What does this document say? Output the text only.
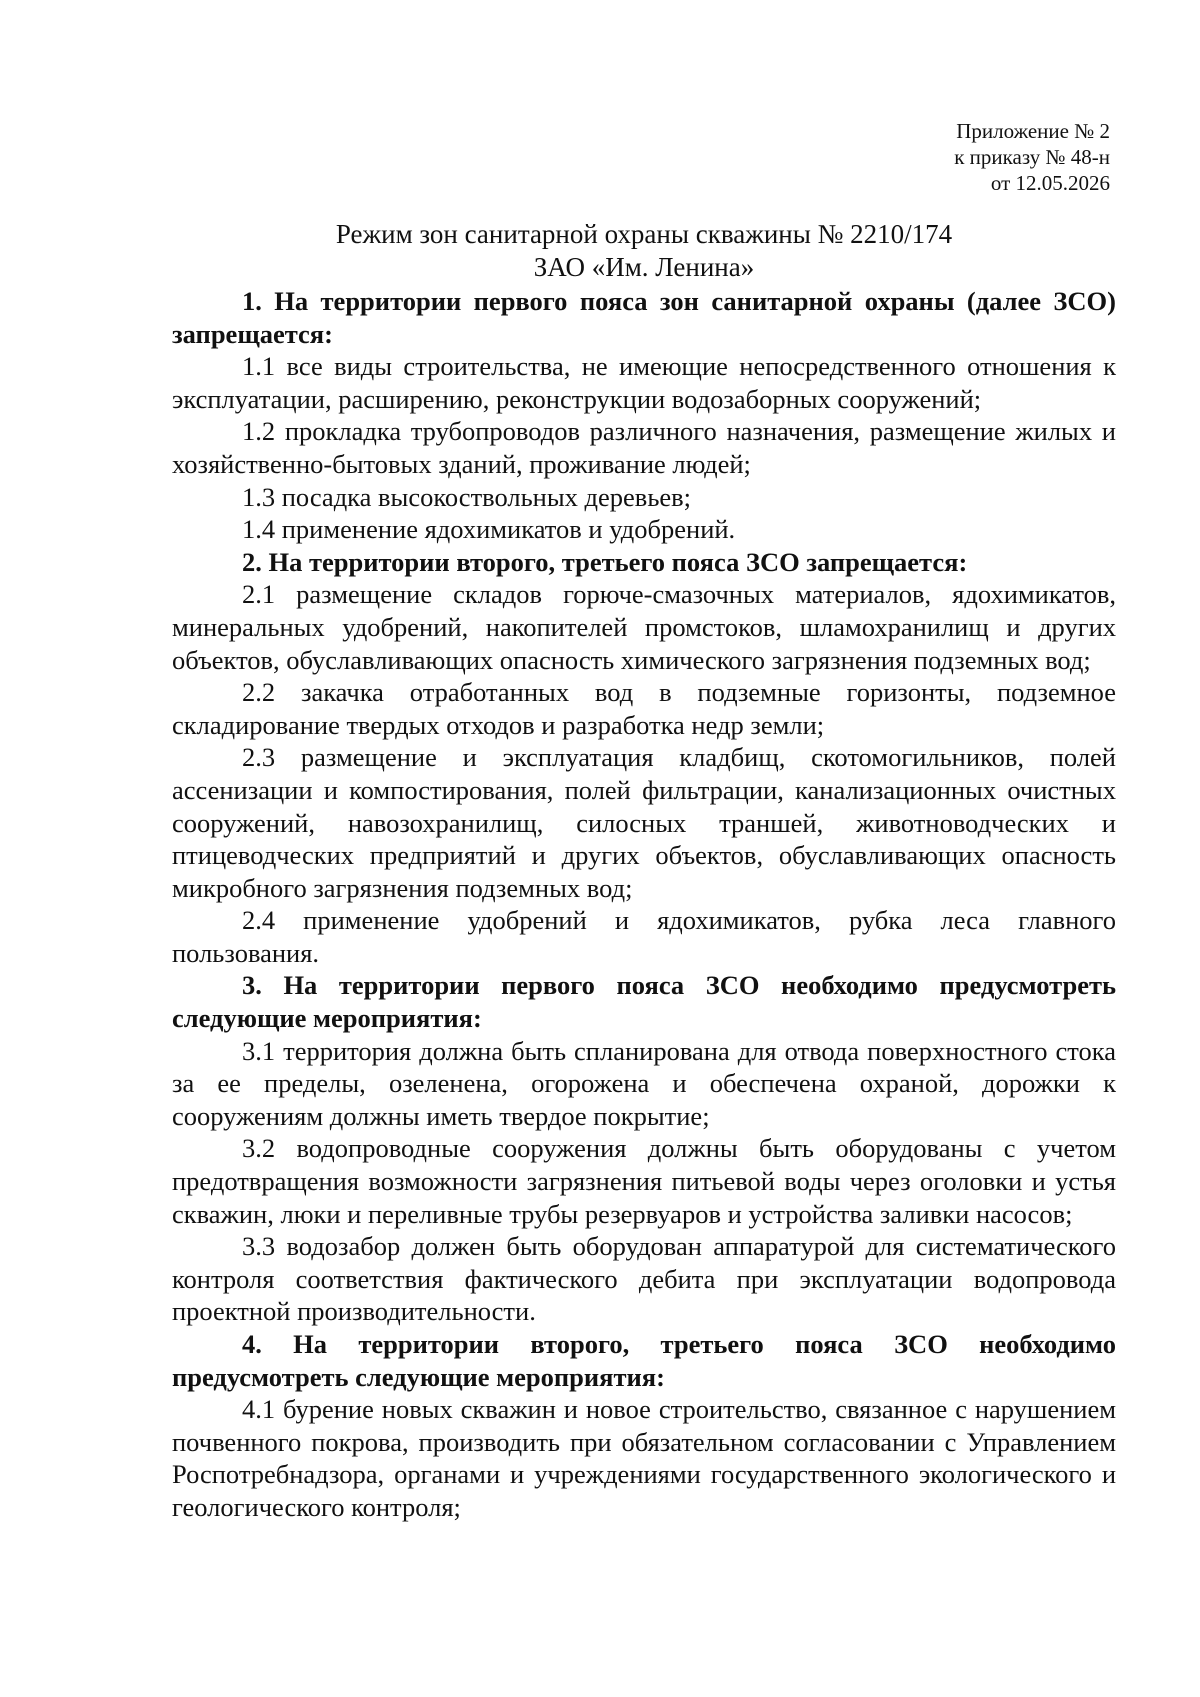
Приложение № 2
к приказу № 48-н
от 12.05.2026
Режим зон санитарной охраны скважины № 2210/174
ЗАО «Им. Ленина»

1. На территории первого пояса зон санитарной охраны (далее ЗСО) запрещается:

1.1 все виды строительства, не имеющие непосредственного отношения к эксплуатации, расширению, реконструкции водозаборных сооружений;

1.2 прокладка трубопроводов различного назначения, размещение жилых и хозяйственно-бытовых зданий, проживание людей;

1.3 посадка высокоствольных деревьев;

1.4 применение ядохимикатов и удобрений.

2. На территории второго, третьего пояса ЗСО запрещается:

2.1 размещение складов горюче-смазочных материалов, ядохимикатов, минеральных удобрений, накопителей промстоков, шламохранилищ и других объектов, обуславливающих опасность химического загрязнения подземных вод;

2.2 закачка отработанных вод в подземные горизонты, подземное складирование твердых отходов и разработка недр земли;

2.3 размещение и эксплуатация кладбищ, скотомогильников, полей ассенизации и компостирования, полей фильтрации, канализационных очистных сооружений, навозохранилищ, силосных траншей, животноводческих и птицеводческих предприятий и других объектов, обуславливающих опасность микробного загрязнения подземных вод;

2.4 применение удобрений и ядохимикатов, рубка леса главного пользования.

3. На территории первого пояса ЗСО необходимо предусмотреть следующие мероприятия:

3.1 территория должна быть спланирована для отвода поверхностного стока за ее пределы, озеленена, огорожена и обеспечена охраной, дорожки к сооружениям должны иметь твердое покрытие;

3.2 водопроводные сооружения должны быть оборудованы с учетом предотвращения возможности загрязнения питьевой воды через оголовки и устья скважин, люки и переливные трубы резервуаров и устройства заливки насосов;

3.3 водозабор должен быть оборудован аппаратурой для систематического контроля соответствия фактического дебита при эксплуатации водопровода проектной производительности.

4. На территории второго, третьего пояса ЗСО необходимо предусмотреть следующие мероприятия:

4.1 бурение новых скважин и новое строительство, связанное с нарушением почвенного покрова, производить при обязательном согласовании с Управлением Роспотребнадзора, органами и учреждениями государственного экологического и геологического контроля;
